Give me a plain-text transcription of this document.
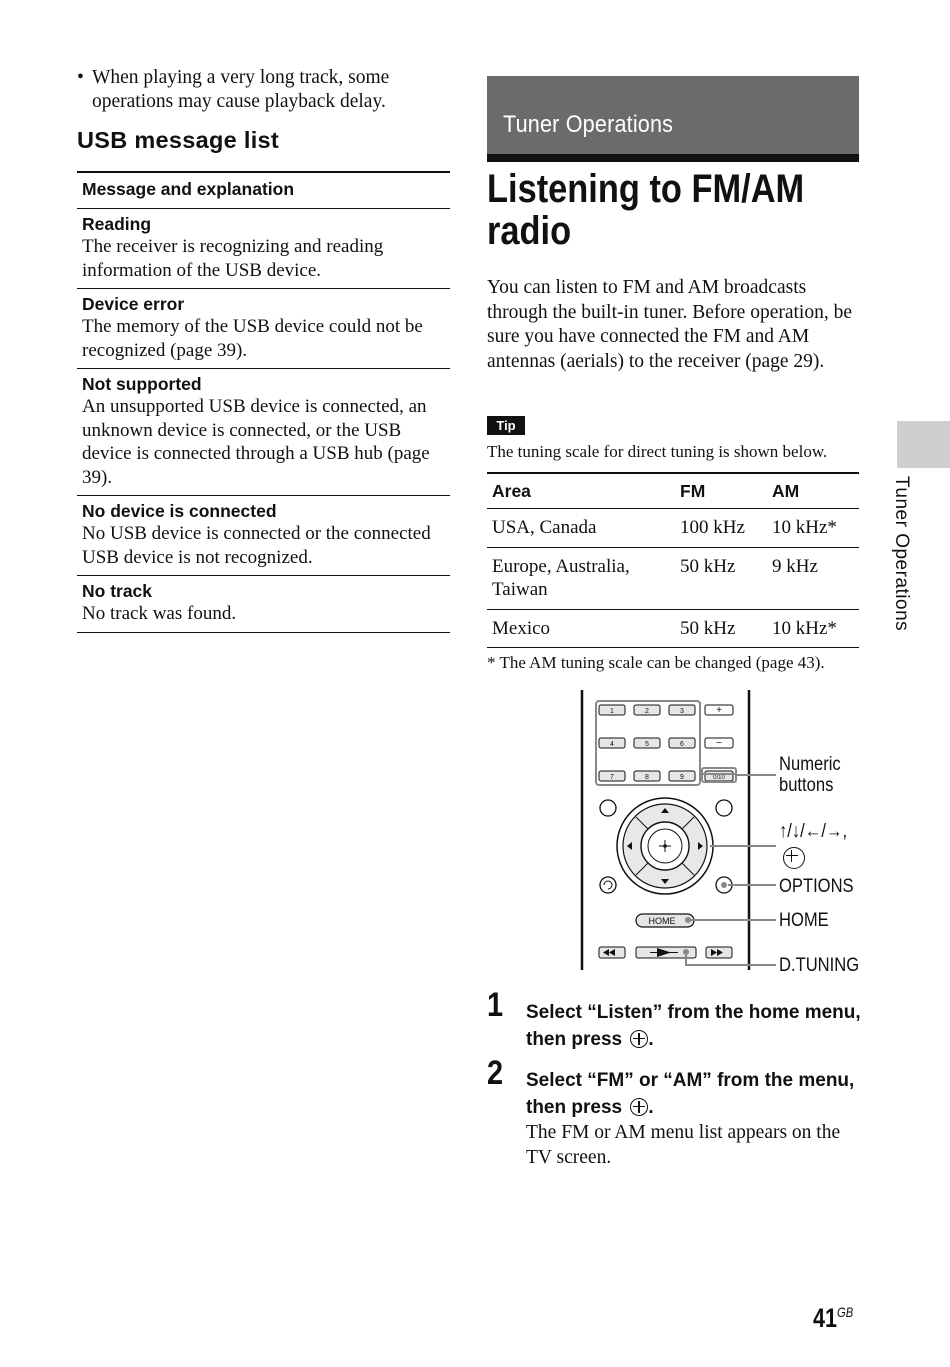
• When playing a very long track, some operations may cause playback delay.
USB message list
Message and explanation
Reading
The receiver is recognizing and reading information of the USB device.
Device error
The memory of the USB device could not be recognized (page 39).
Not supported
An unsupported USB device is connected, an unknown device is connected, or the USB device is connected through a USB hub (page 39).
No device is connected
No USB device is connected or the connected USB device is not recognized.
No track
No track was found.
Tuner Operations
Listening to FM/AM radio
You can listen to FM and AM broadcasts through the built-in tuner. Before operation, be sure you have connected the FM and AM antennas (aerials) to the receiver (page 29).
Tip
The tuning scale for direct tuning is shown below.
Area	FM	AM
USA, Canada	100 kHz	10 kHz*
Europe, Australia, Taiwan	50 kHz	9 kHz
Mexico	50 kHz	10 kHz*
* The AM tuning scale can be changed (page 43).
1	2	3	+
4	5	6	−
7	8	9	0/10
HOME
Numeric
buttons
↑/↓/←/→,
OPTIONS
HOME
D.TUNING
1 Select “Listen” from the home menu, then press .
2 Select “FM” or “AM” from the menu, then press .
The FM or AM menu list appears on the TV screen.
Tuner Operations
$41^{GB}$
